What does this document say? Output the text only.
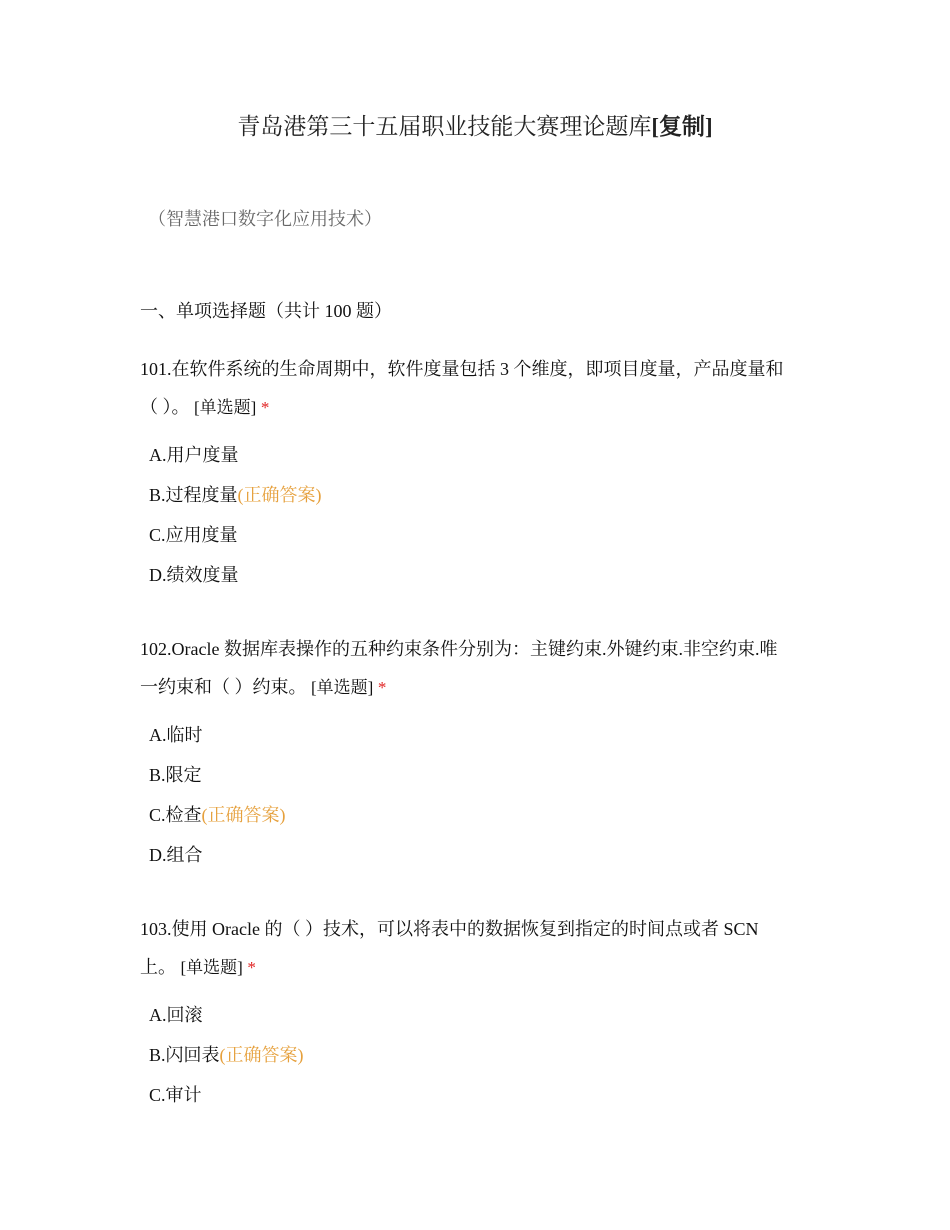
青岛港第三十五届职业技能大赛理论题库[复制]
（智慧港口数字化应用技术）
一、单项选择题（共计 100 题）
101.在软件系统的生命周期中，软件度量包括 3 个维度，即项目度量，产品度量和
（ ）。 [单选题] *
A.用户度量
B.过程度量(正确答案)
C.应用度量
D.绩效度量
102.Oracle 数据库表操作的五种约束条件分别为：主键约束.外键约束.非空约束.唯
一约束和（ ）约束。 [单选题] *
A.临时
B.限定
C.检查(正确答案)
D.组合
103.使用 Oracle 的（ ）技术，可以将表中的数据恢复到指定的时间点或者 SCN
上。 [单选题] *
A.回滚
B.闪回表(正确答案)
C.审计
